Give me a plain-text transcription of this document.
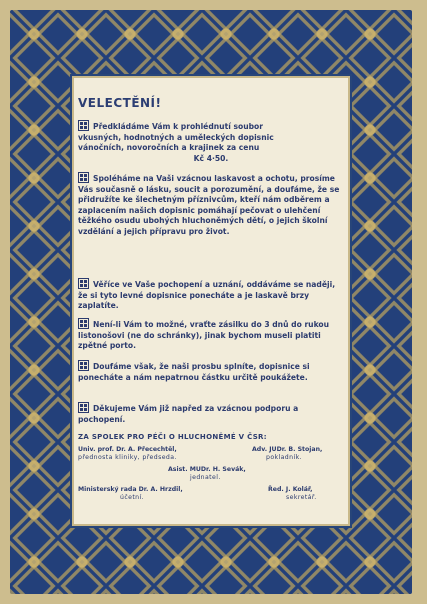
VELECTĚNÍ!
Předkládáme Vám k prohlédnutí soubor
vkusných, hodnotných a uměleckých dopisnic
vánočních, novoročních a krajinek za cenu
Kč 4·50.
Spoléháme na Vaši vzácnou laskavost a ochotu, prosíme Vás současně o lásku, soucit a porozumění, a doufáme, že se přidružíte ke šlechetným příznivcům, kteří nám odběrem a zaplacením našich dopisnic pomáhají pečovat o ulehčení těžkého osudu ubohých hluchoněmých dětí, o jejich školní vzdělání a jejich přípravu pro život.
Věříce ve Vaše pochopení a uznání, oddáváme se naději, že si tyto levné dopisnice ponecháte a je laskavě brzy zaplatíte.
Není-li Vám to možné, vraťte zásilku do 3 dnů do rukou listonošovi (ne do schránky), jinak bychom museli platiti zpětné porto.
Doufáme však, že naši prosbu splníte, dopisnice si ponecháte a nám nepatrnou částku určitě poukážete.
Děkujeme Vám již napřed za vzácnou podporu a pochopení.
ZA SPOLEK PRO PÉČI O HLUCHONĚMÉ V ČSR:
Univ. prof. Dr. A. Přecechtěl,
přednosta kliniky, předseda.
Adv. JUDr. B. Stojan,
pokladník.
Asist. MUDr. H. Sevák,
jednatel.
Ministerský rada Dr. A. Hrzdil,
účetní.
Řed. J. Kolář,
sekretář.
